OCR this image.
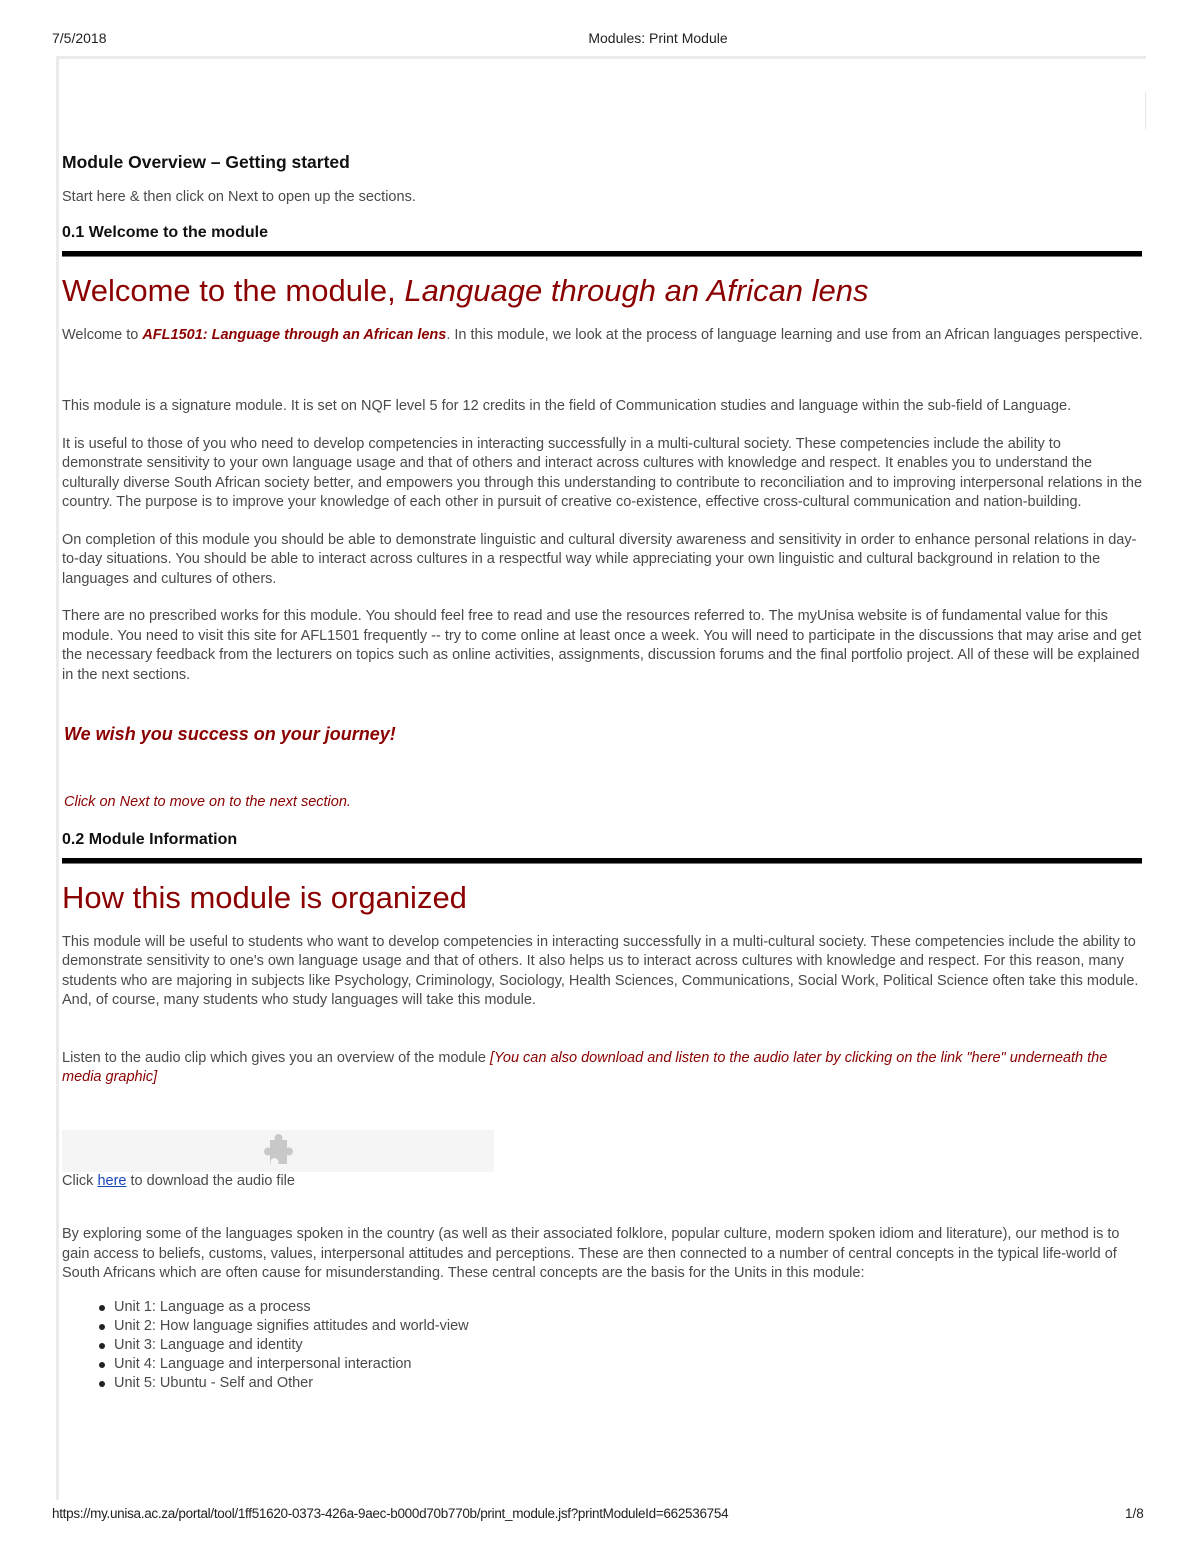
7/5/2018	Modules: Print Module
Module Overview – Getting started
Start here & then click on Next to open up the sections.
0.1 Welcome to the module
Welcome to the module, Language through an African lens

Welcome to AFL1501: Language through an African lens. In this module, we look at the process of language learning and use from an African languages perspective.

This module is a signature module. It is set on NQF level 5 for 12 credits in the field of Communication studies and language within the sub-field of Language.

It is useful to those of you who need to develop competencies in interacting successfully in a multi-cultural society. These competencies include the ability to demonstrate sensitivity to your own language usage and that of others and interact across cultures with knowledge and respect. It enables you to understand the culturally diverse South African society better, and empowers you through this understanding to contribute to reconciliation and to improving interpersonal relations in the country. The purpose is to improve your knowledge of each other in pursuit of creative co-existence, effective cross-cultural communication and nation-building.

On completion of this module you should be able to demonstrate linguistic and cultural diversity awareness and sensitivity in order to enhance personal relations in day-to-day situations. You should be able to interact across cultures in a respectful way while appreciating your own linguistic and cultural background in relation to the languages and cultures of others.

There are no prescribed works for this module. You should feel free to read and use the resources referred to. The myUnisa website is of fundamental value for this module. You need to visit this site for AFL1501 frequently -- try to come online at least once a week. You will need to participate in the discussions that may arise and get the necessary feedback from the lecturers on topics such as online activities, assignments, discussion forums and the final portfolio project. All of these will be explained in the next sections.

We wish you success on your journey!
Click on Next to move on to the next section.
0.2 Module Information
How this module is organized

This module will be useful to students who want to develop competencies in interacting successfully in a multi-cultural society. These competencies include the ability to demonstrate sensitivity to one's own language usage and that of others. It also helps us to interact across cultures with knowledge and respect. For this reason, many students who are majoring in subjects like Psychology, Criminology, Sociology, Health Sciences, Communications, Social Work, Political Science often take this module. And, of course, many students who study languages will take this module.

Listen to the audio clip which gives you an overview of the module [You can also download and listen to the audio later by clicking on the link "here" underneath the media graphic]

Click here to download the audio file

By exploring some of the languages spoken in the country (as well as their associated folklore, popular culture, modern spoken idiom and literature), our method is to gain access to beliefs, customs, values, interpersonal attitudes and perceptions. These are then connected to a number of central concepts in the typical life-world of South Africans which are often cause for misunderstanding. These central concepts are the basis for the Units in this module:

Unit 1: Language as a process
Unit 2: How language signifies attitudes and world-view
Unit 3: Language and identity
Unit 4: Language and interpersonal interaction
Unit 5: Ubuntu - Self and Other
https://my.unisa.ac.za/portal/tool/1ff51620-0373-426a-9aec-b000d70b770b/print_module.jsf?printModuleId=662536754	1/8
